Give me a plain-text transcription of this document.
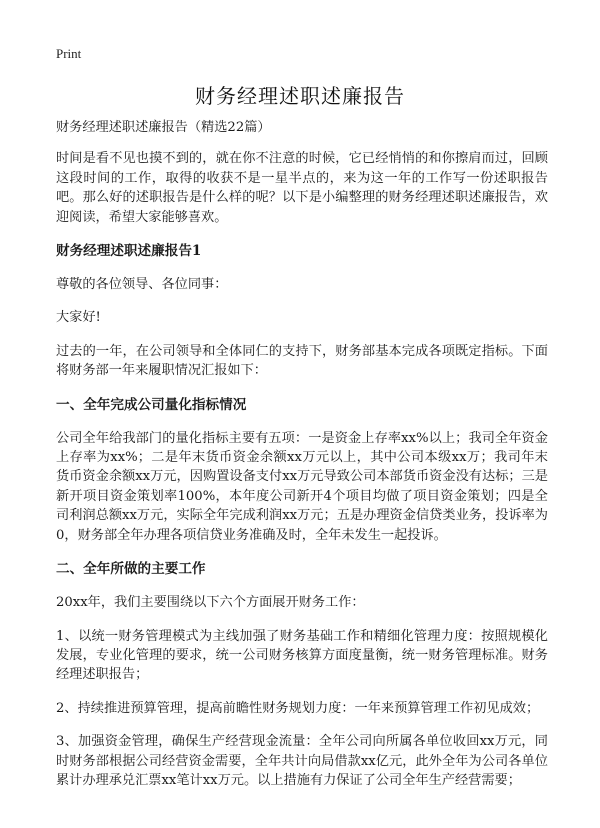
Print
财务经理述职述廉报告

财务经理述职述廉报告（精选22篇）

时间是看不见也摸不到的，就在你不注意的时候，它已经悄悄的和你擦肩而过，回顾这段时间的工作，取得的收获不是一星半点的，来为这一年的工作写一份述职报告吧。那么好的述职报告是什么样的呢？以下是小编整理的财务经理述职述廉报告，欢迎阅读，希望大家能够喜欢。

财务经理述职述廉报告1

尊敬的各位领导、各位同事：

大家好!

过去的一年，在公司领导和全体同仁的支持下，财务部基本完成各项既定指标。下面将财务部一年来履职情况汇报如下：

一、全年完成公司量化指标情况

公司全年给我部门的量化指标主要有五项：一是资金上存率xx%以上；我司全年资金上存率为xx%；二是年末货币资金余额xx万元以上，其中公司本级xx万；我司年末货币资金余额xx万元，因购置设备支付xx万元导致公司本部货币资金没有达标；三是新开项目资金策划率100%，本年度公司新开4个项目均做了项目资金策划；四是全司利润总额xx万元，实际全年完成利润xx万元；五是办理资金信贷类业务，投诉率为0，财务部全年办理各项信贷业务准确及时，全年未发生一起投诉。

二、全年所做的主要工作

20xx年，我们主要围绕以下六个方面展开财务工作：

1、以统一财务管理模式为主线加强了财务基础工作和精细化管理力度：按照规模化发展，专业化管理的要求，统一公司财务核算方面度量衡，统一财务管理标准。财务经理述职报告；

2、持续推进预算管理，提高前瞻性财务规划力度：一年来预算管理工作初见成效；

3、加强资金管理，确保生产经营现金流量：全年公司向所属各单位收回xx万元，同时财务部根据公司经营资金需要，全年共计向局借款xx亿元，此外全年为公司各单位累计办理承兑汇票xx笔计xx万元。以上措施有力保证了公司全年生产经营需要；
